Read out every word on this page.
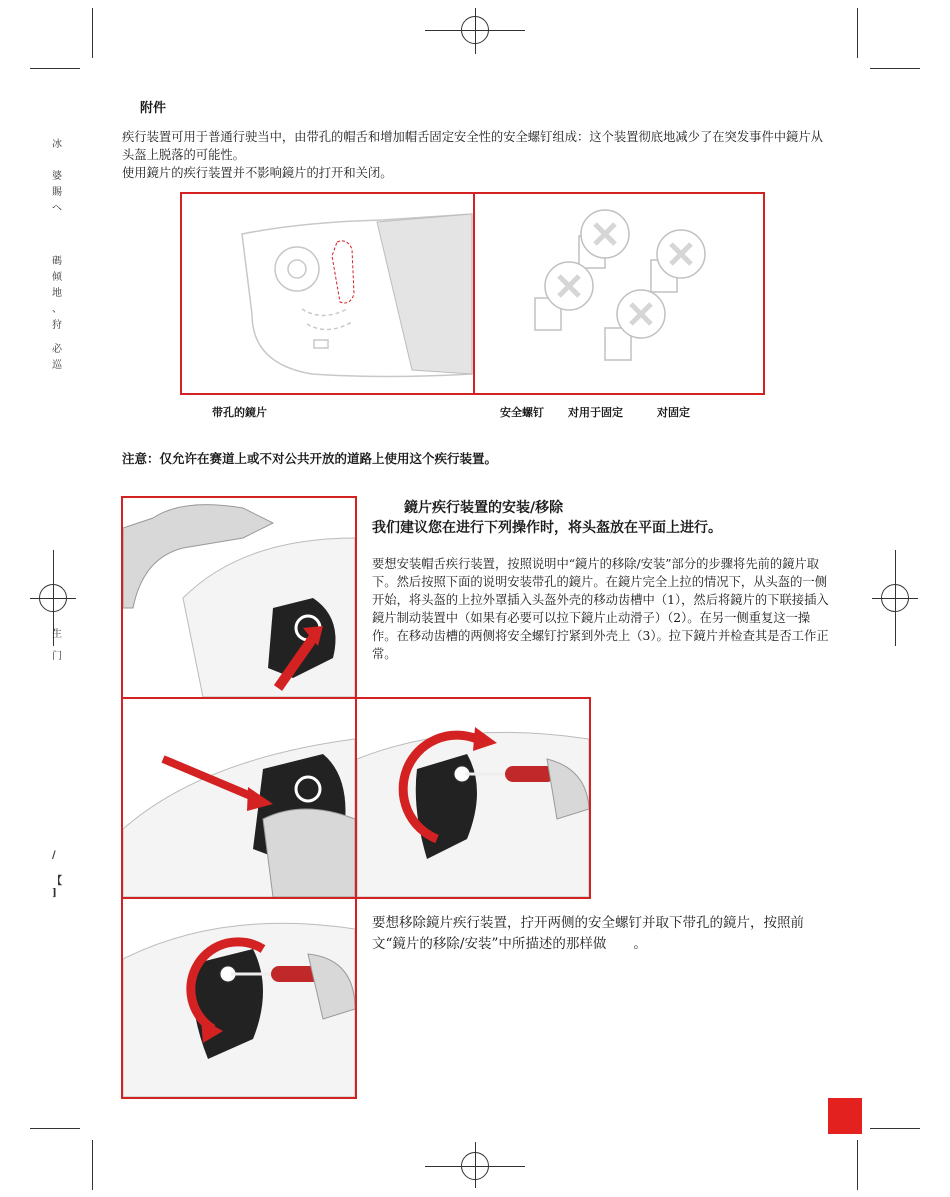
冰
婆
賜
へ
碼
倾
地
、
狩
必
巡
生
门
/
【
]
附件

疾行装置可用于普通行驶当中，由带孔的帽舌和增加帽舌固定安全性的安全螺钉组成：这个装置彻底地减少了在突发事件中鏡片从头盔上脱落的可能性。

使用鏡片的疾行装置并不影响鏡片的打开和关闭。

带孔的鏡片	安全螺钉 对用于固定	对固定
注意：仅允许在赛道上或不对公共开放的道路上使用这个疾行装置。
鏡片疾行装置的安装/移除
我们建议您在进行下列操作时，将头盔放在平面上进行。

要想安装帽舌疾行装置，按照说明中“鏡片的移除/安装”部分的步骤将先前的鏡片取下。然后按照下面的说明安装带孔的鏡片。在鏡片完全上拉的情况下，从头盔的一侧开始，将头盔的上拉外罩插入头盔外壳的移动齿槽中（1），然后将鏡片的下联接插入鏡片制动装置中（如果有必要可以拉下鏡片止动滑子）（2）。在另一侧重复这一操作。在移动齿槽的两侧将安全螺钉拧紧到外壳上（3）。拉下鏡片并检查其是否工作正常。

要想移除鏡片疾行装置，拧开两侧的安全螺钉并取下带孔的鏡片，按照前文“鏡片的移除/安装”中所描述的那样做　　。
